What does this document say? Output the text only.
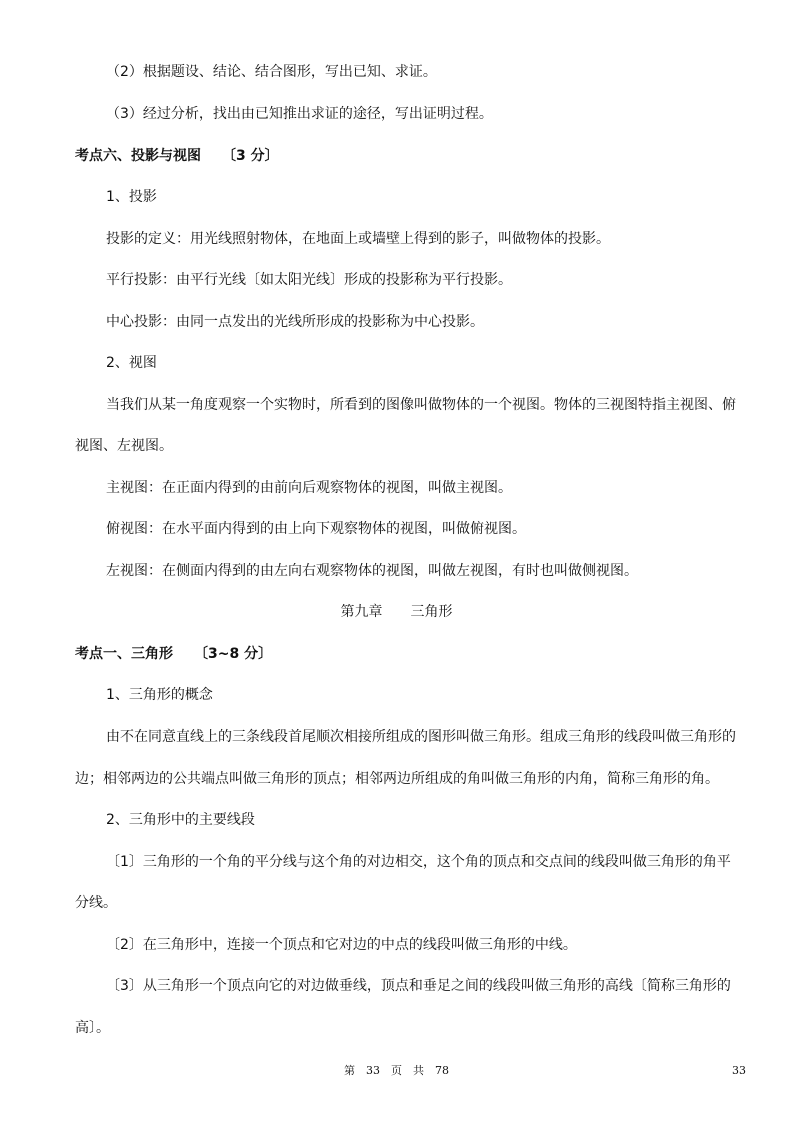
（2）根据题设、结论、结合图形，写出已知、求证。
（3）经过分析，找出由已知推出求证的途径，写出证明过程。
考点六、投影与视图　　〔3 分〕
1、投影
投影的定义：用光线照射物体，在地面上或墙壁上得到的影子，叫做物体的投影。
平行投影：由平行光线〔如太阳光线〕形成的投影称为平行投影。
中心投影：由同一点发出的光线所形成的投影称为中心投影。
2、视图
当我们从某一角度观察一个实物时，所看到的图像叫做物体的一个视图。物体的三视图特指主视图、俯
视图、左视图。
主视图：在正面内得到的由前向后观察物体的视图，叫做主视图。
俯视图：在水平面内得到的由上向下观察物体的视图，叫做俯视图。
左视图：在侧面内得到的由左向右观察物体的视图，叫做左视图，有时也叫做侧视图。
第九章　　三角形
考点一、三角形　　〔3~8 分〕
1、三角形的概念
由不在同意直线上的三条线段首尾顺次相接所组成的图形叫做三角形。组成三角形的线段叫做三角形的
边；相邻两边的公共端点叫做三角形的顶点；相邻两边所组成的角叫做三角形的内角，简称三角形的角。
2、三角形中的主要线段
〔1〕三角形的一个角的平分线与这个角的对边相交，这个角的顶点和交点间的线段叫做三角形的角平
分线。
〔2〕在三角形中，连接一个顶点和它对边的中点的线段叫做三角形的中线。
〔3〕从三角形一个顶点向它的对边做垂线，顶点和垂足之间的线段叫做三角形的高线〔简称三角形的
高〕。
第　33　页　共　78	33
